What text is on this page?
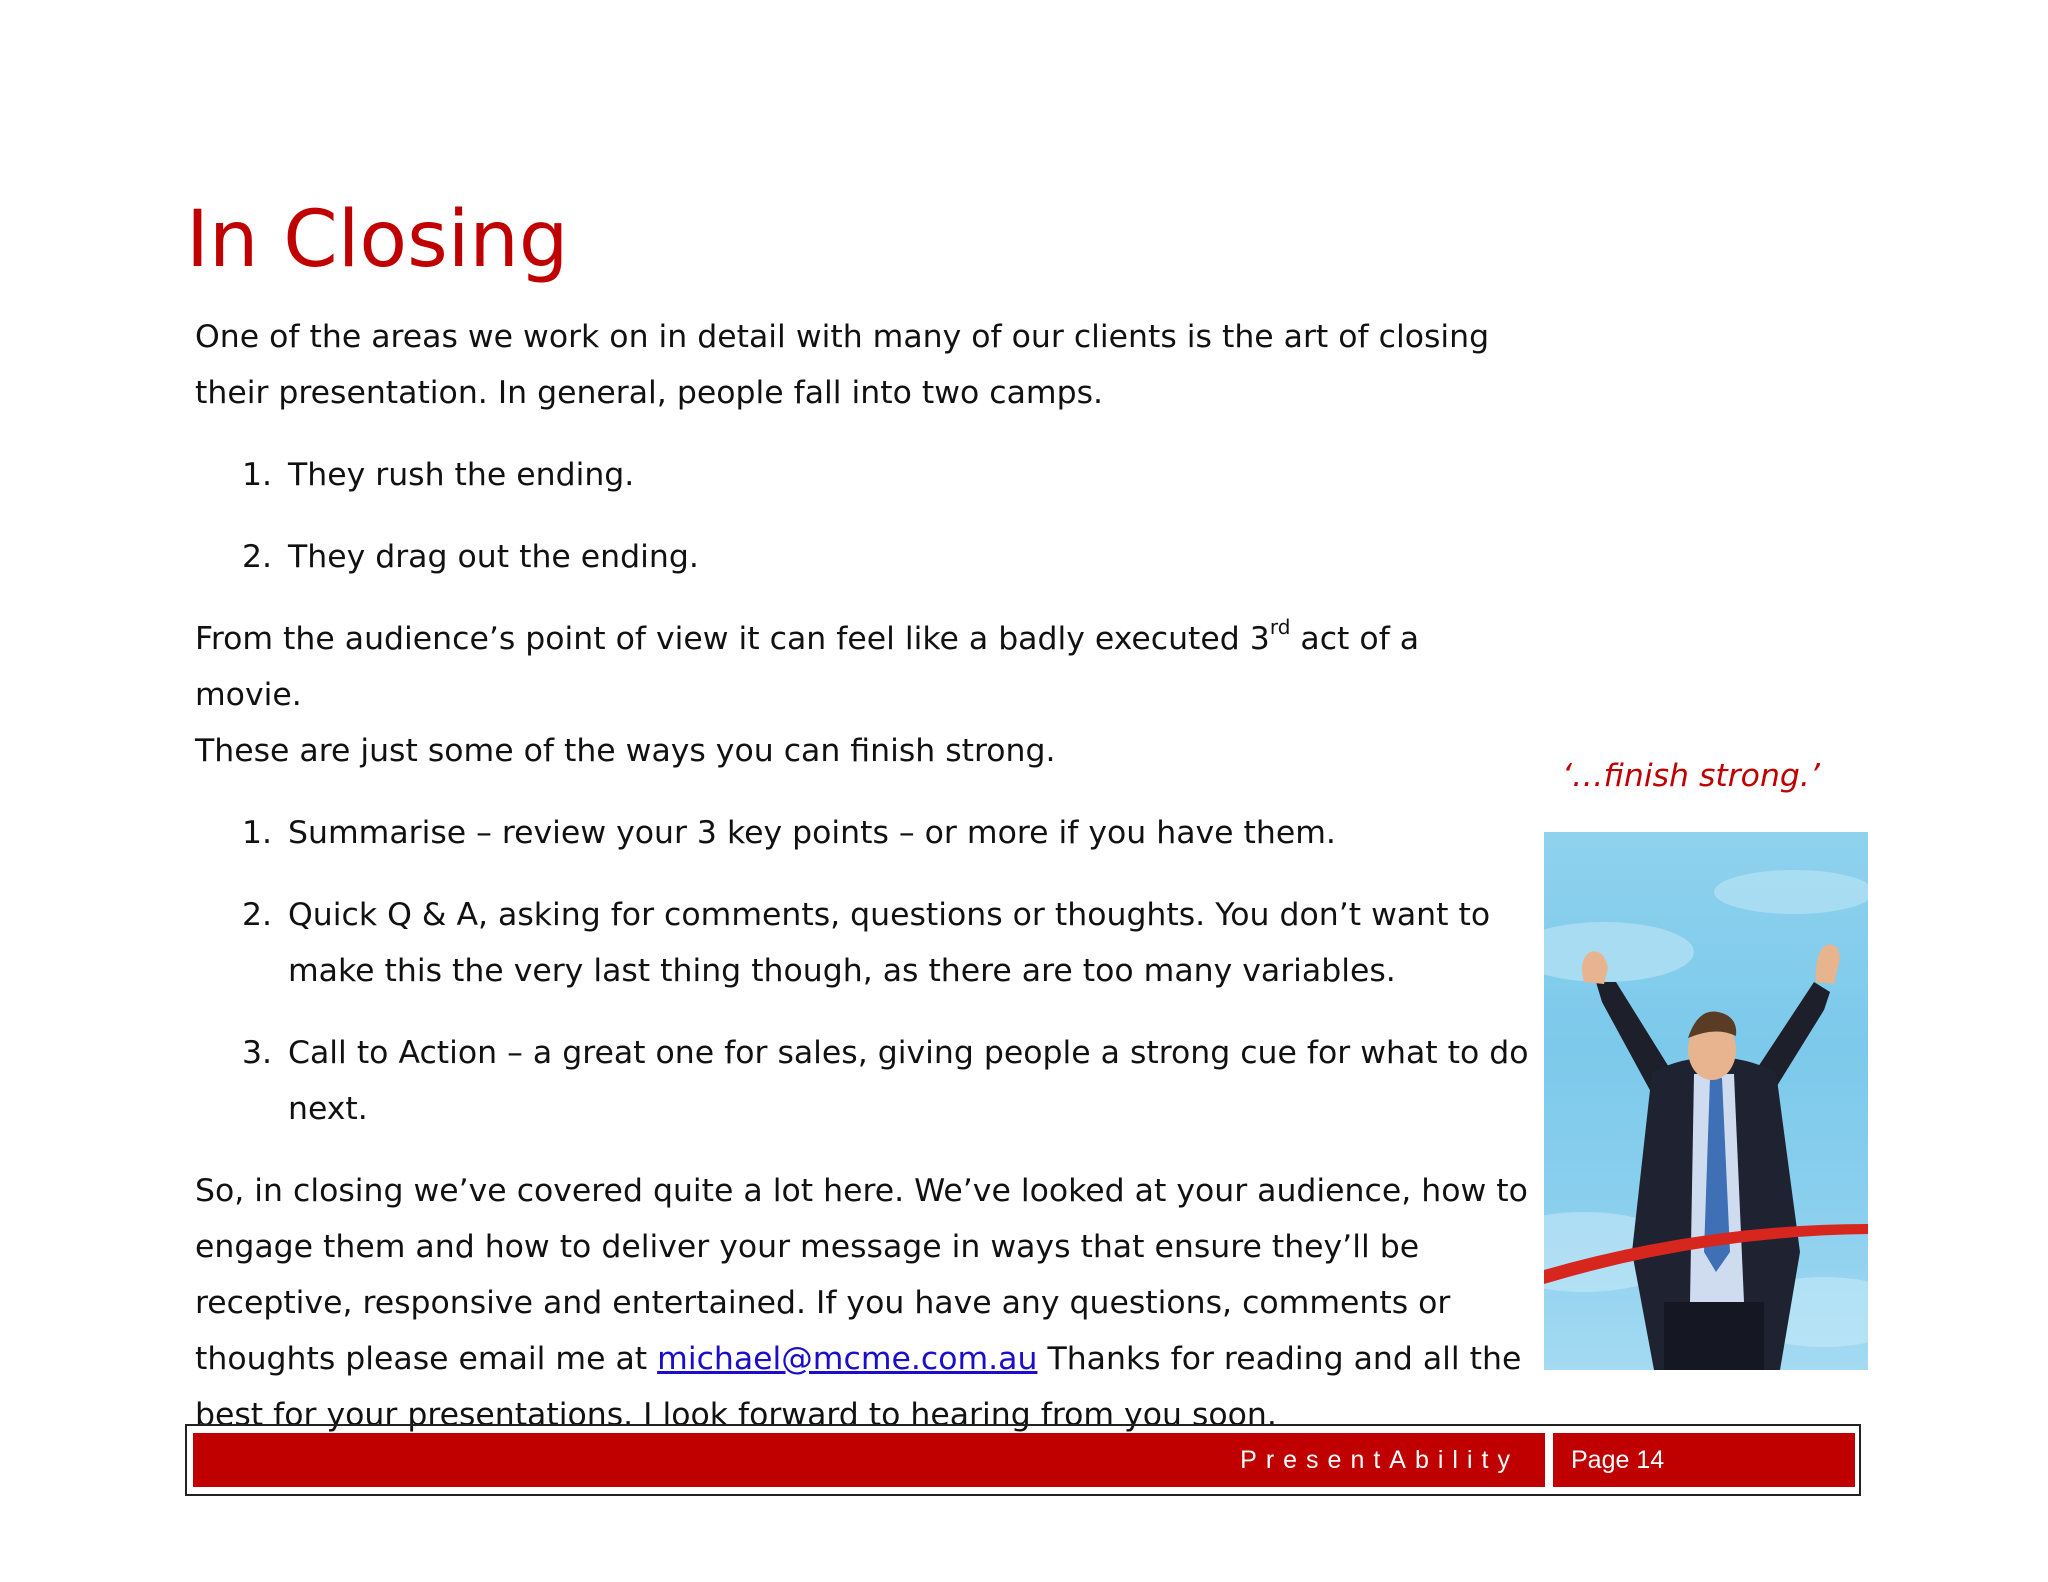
In Closing

One of the areas we work on in detail with many of our clients is the art of closing
their presentation. In general, people fall into two camps.

1. They rush the ending.
2. They drag out the ending.

From the audience’s point of view it can feel like a badly executed 3rd act of a movie.
These are just some of the ways you can finish strong.

1. Summarise – review your 3 key points – or more if you have them.
2. Quick Q & A, asking for comments, questions or thoughts. You don’t want to
make this the very last thing though, as there are too many variables.
3. Call to Action – a great one for sales, giving people a strong cue for what to do
next.

So, in closing we’ve covered quite a lot here. We’ve looked at your audience, how to
engage them and how to deliver your message in ways that ensure they’ll be
receptive, responsive and entertained. If you have any questions, comments or
thoughts please email me at michael@mcme.com.au Thanks for reading and all the
best for your presentations. I look forward to hearing from you soon.

‘…finish strong.’
PresentAbility Page 14
